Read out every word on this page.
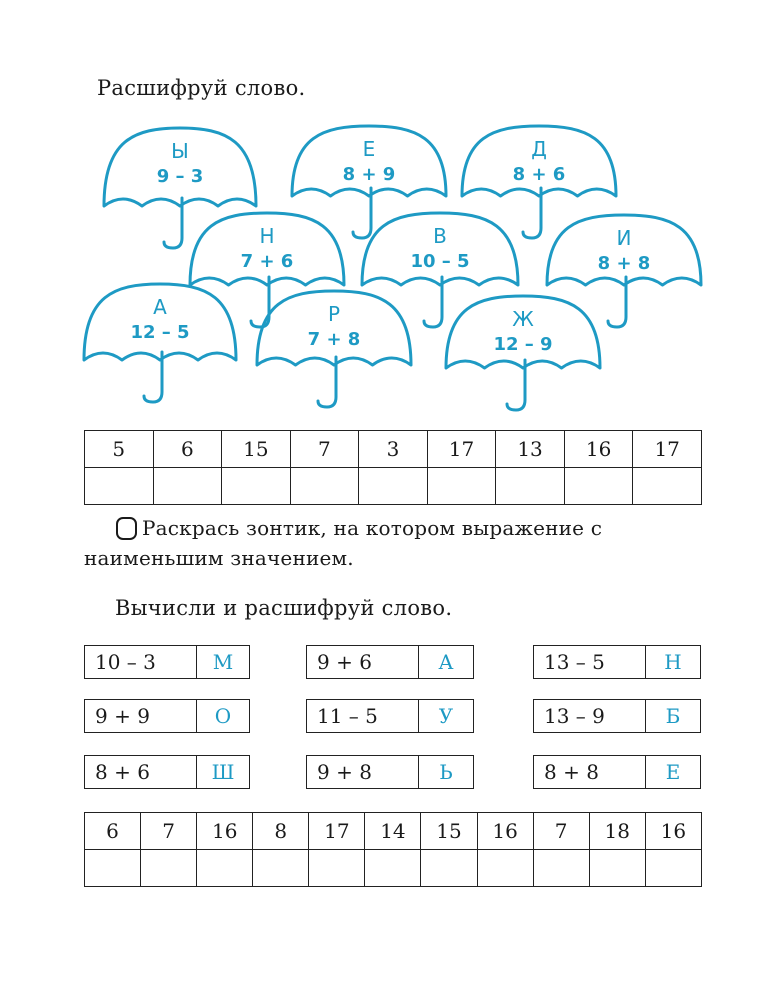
Расшифруй слово.
Ы
9 – 3
Е
8 + 9
Д
8 + 6
Н
7 + 6
В
10 – 5
И
8 + 8
А
12 – 5
Р
7 + 8
Ж
12 – 9
5	6	15	7	3	17	13	16	17

Раскрась зонтик, на котором выражение с наименьшим значением.
Вычисли и расшифруй слово.
10 – 3	М	9 + 6	А	13 – 5	Н
9 + 9	О	11 – 5	У	13 – 9	Б
8 + 6	Ш	9 + 8	Ь	8 + 8	Е
6	7	16	8	17	14	15	16	7	18	16
